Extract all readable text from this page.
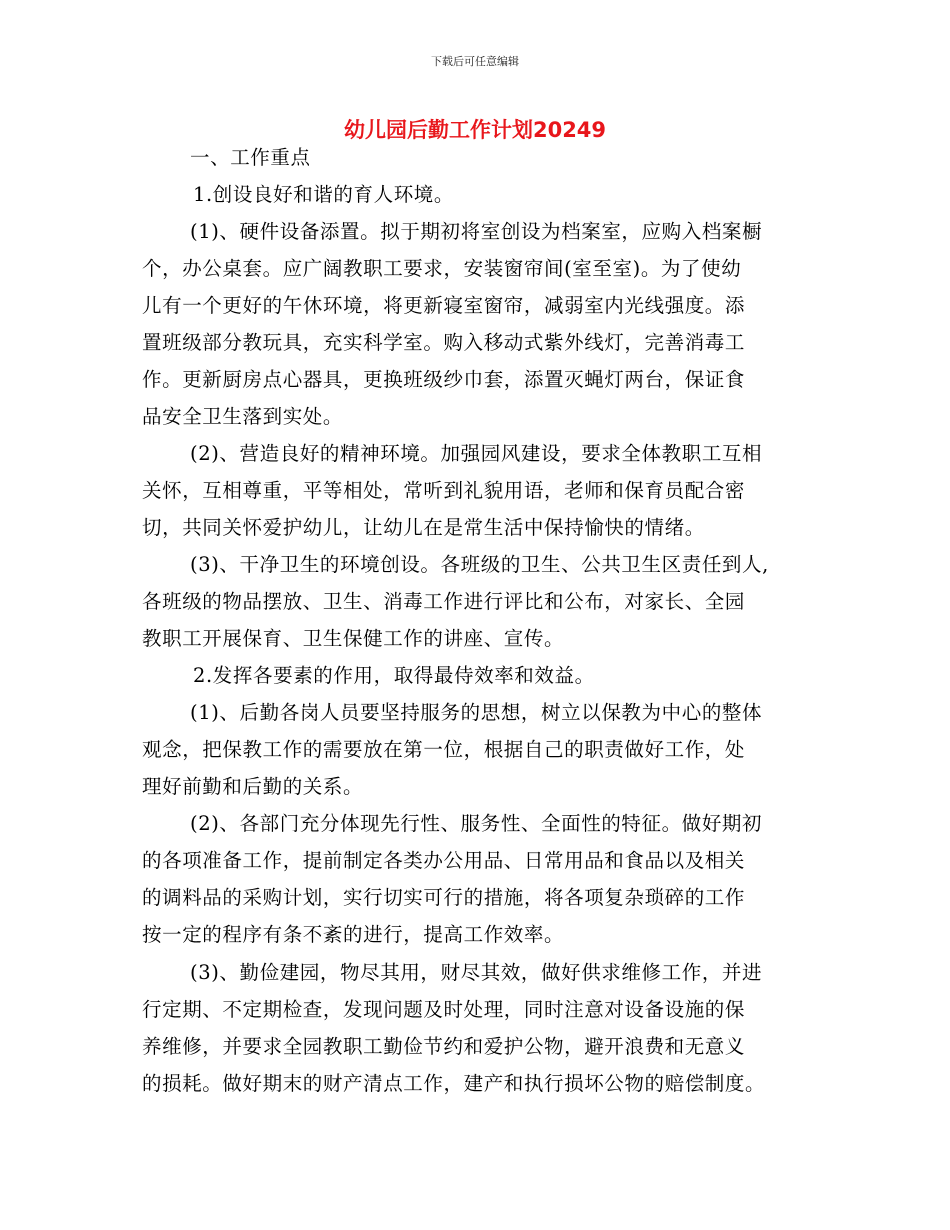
下载后可任意编辑
幼儿园后勤工作计划20249
一、工作重点
1.创设良好和谐的育人环境。
(1)、硬件设备添置。拟于期初将室创设为档案室，应购入档案橱
个，办公桌套。应广阔教职工要求，安装窗帘间(室至室)。为了使幼
儿有一个更好的午休环境，将更新寝室窗帘，减弱室内光线强度。添
置班级部分教玩具，充实科学室。购入移动式紫外线灯，完善消毒工
作。更新厨房点心器具，更换班级纱巾套，添置灭蝇灯两台，保证食
品安全卫生落到实处。
(2)、营造良好的精神环境。加强园风建设，要求全体教职工互相
关怀，互相尊重，平等相处，常听到礼貌用语，老师和保育员配合密
切，共同关怀爱护幼儿，让幼儿在是常生活中保持愉快的情绪。
(3)、干净卫生的环境创设。各班级的卫生、公共卫生区责任到人,
各班级的物品摆放、卫生、消毒工作进行评比和公布，对家长、全园
教职工开展保育、卫生保健工作的讲座、宣传。
2.发挥各要素的作用，取得最侍效率和效益。
(1)、后勤各岗人员要坚持服务的思想，树立以保教为中心的整体
观念，把保教工作的需要放在第一位，根据自己的职责做好工作，处
理好前勤和后勤的关系。
(2)、各部门充分体现先行性、服务性、全面性的特征。做好期初
的各项准备工作，提前制定各类办公用品、日常用品和食品以及相关
的调料品的采购计划，实行切实可行的措施，将各项复杂琐碎的工作
按一定的程序有条不紊的进行，提高工作效率。
(3)、勤俭建园，物尽其用，财尽其效，做好供求维修工作，并进
行定期、不定期检查，发现问题及时处理，同时注意对设备设施的保
养维修，并要求全园教职工勤俭节约和爱护公物，避开浪费和无意义
的损耗。做好期末的财产清点工作，建产和执行损坏公物的赔偿制度。
